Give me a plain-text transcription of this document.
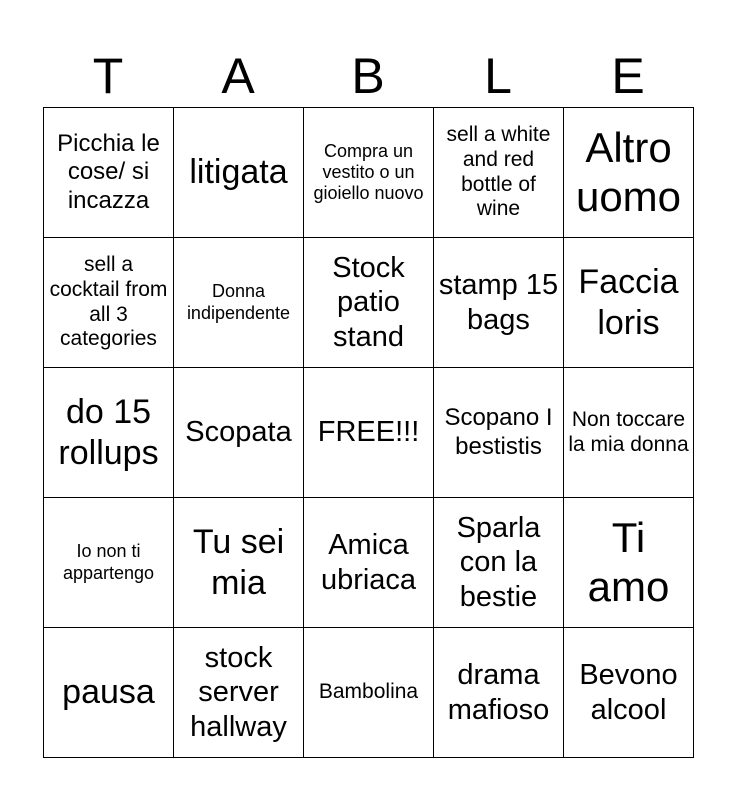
T	A	B	L	E
Picchia le cose/ si incazza	litigata	Compra un vestito o un gioiello nuovo	sell a white and red bottle of wine	Altro uomo
sell a cocktail from all 3 categories	Donna indipendente	Stock patio stand	stamp 15 bags	Faccia loris
do 15 rollups	Scopata	FREE!!!	Scopano I bestistis	Non toccare la mia donna
Io non ti appartengo	Tu sei mia	Amica ubriaca	Sparla con la bestie	Ti amo
pausa	stock server hallway	Bambolina	drama mafioso	Bevono alcool
